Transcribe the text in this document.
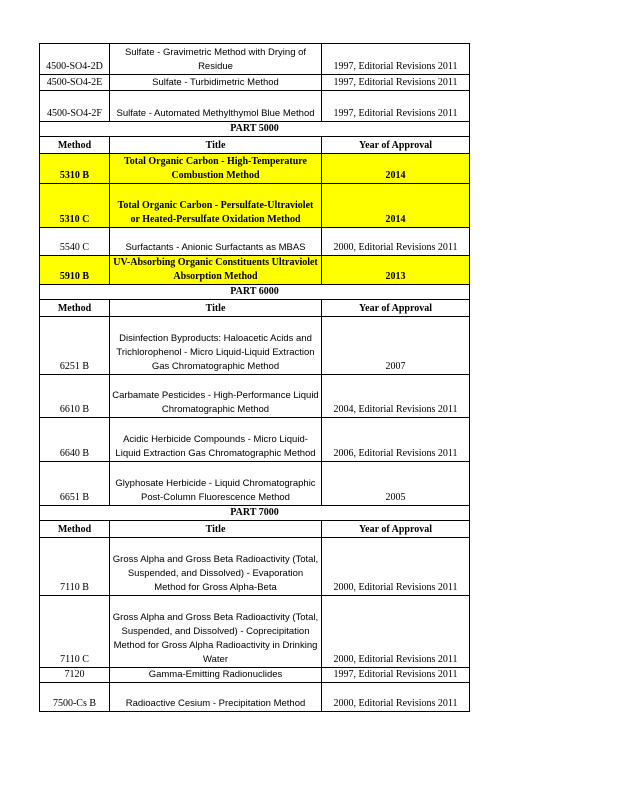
4500-SO4-2D	Sulfate - Gravimetric Method with Drying of Residue	1997, Editorial Revisions 2011
4500-SO4-2E	Sulfate - Turbidimetric Method	1997, Editorial Revisions 2011
4500-SO4-2F	Sulfate - Automated Methylthymol Blue Method	1997, Editorial Revisions 2011
PART 5000		
Method	Title	Year of Approval
5310 B	Total Organic Carbon - High-Temperature Combustion Method	2014
5310 C	Total Organic Carbon - Persulfate-Ultraviolet or Heated-Persulfate Oxidation Method	2014
5540 C	Surfactants - Anionic Surfactants as MBAS	2000, Editorial Revisions 2011
5910 B	UV-Absorbing Organic Constituents Ultraviolet Absorption Method	2013
PART 6000		
Method	Title	Year of Approval
6251 B	Disinfection Byproducts: Haloacetic Acids and Trichlorophenol - Micro Liquid-Liquid Extraction Gas Chromatographic Method	2007
6610 B	Carbamate Pesticides - High-Performance Liquid Chromatographic Method	2004, Editorial Revisions 2011
6640 B	Acidic Herbicide Compounds - Micro Liquid-Liquid Extraction Gas Chromatographic Method	2006, Editorial Revisions 2011
6651 B	Glyphosate Herbicide - Liquid Chromatographic Post-Column Fluorescence Method	2005
PART 7000		
Method	Title	Year of Approval
7110 B	Gross Alpha and Gross Beta Radioactivity (Total, Suspended, and Dissolved) - Evaporation Method for Gross Alpha-Beta	2000, Editorial Revisions 2011
7110 C	Gross Alpha and Gross Beta Radioactivity (Total, Suspended, and Dissolved) - Coprecipitation Method for Gross Alpha Radioactivity in Drinking Water	2000, Editorial Revisions 2011
7120	Gamma-Emitting Radionuclides	1997, Editorial Revisions 2011
7500-Cs B	Radioactive Cesium - Precipitation Method	2000, Editorial Revisions 2011
